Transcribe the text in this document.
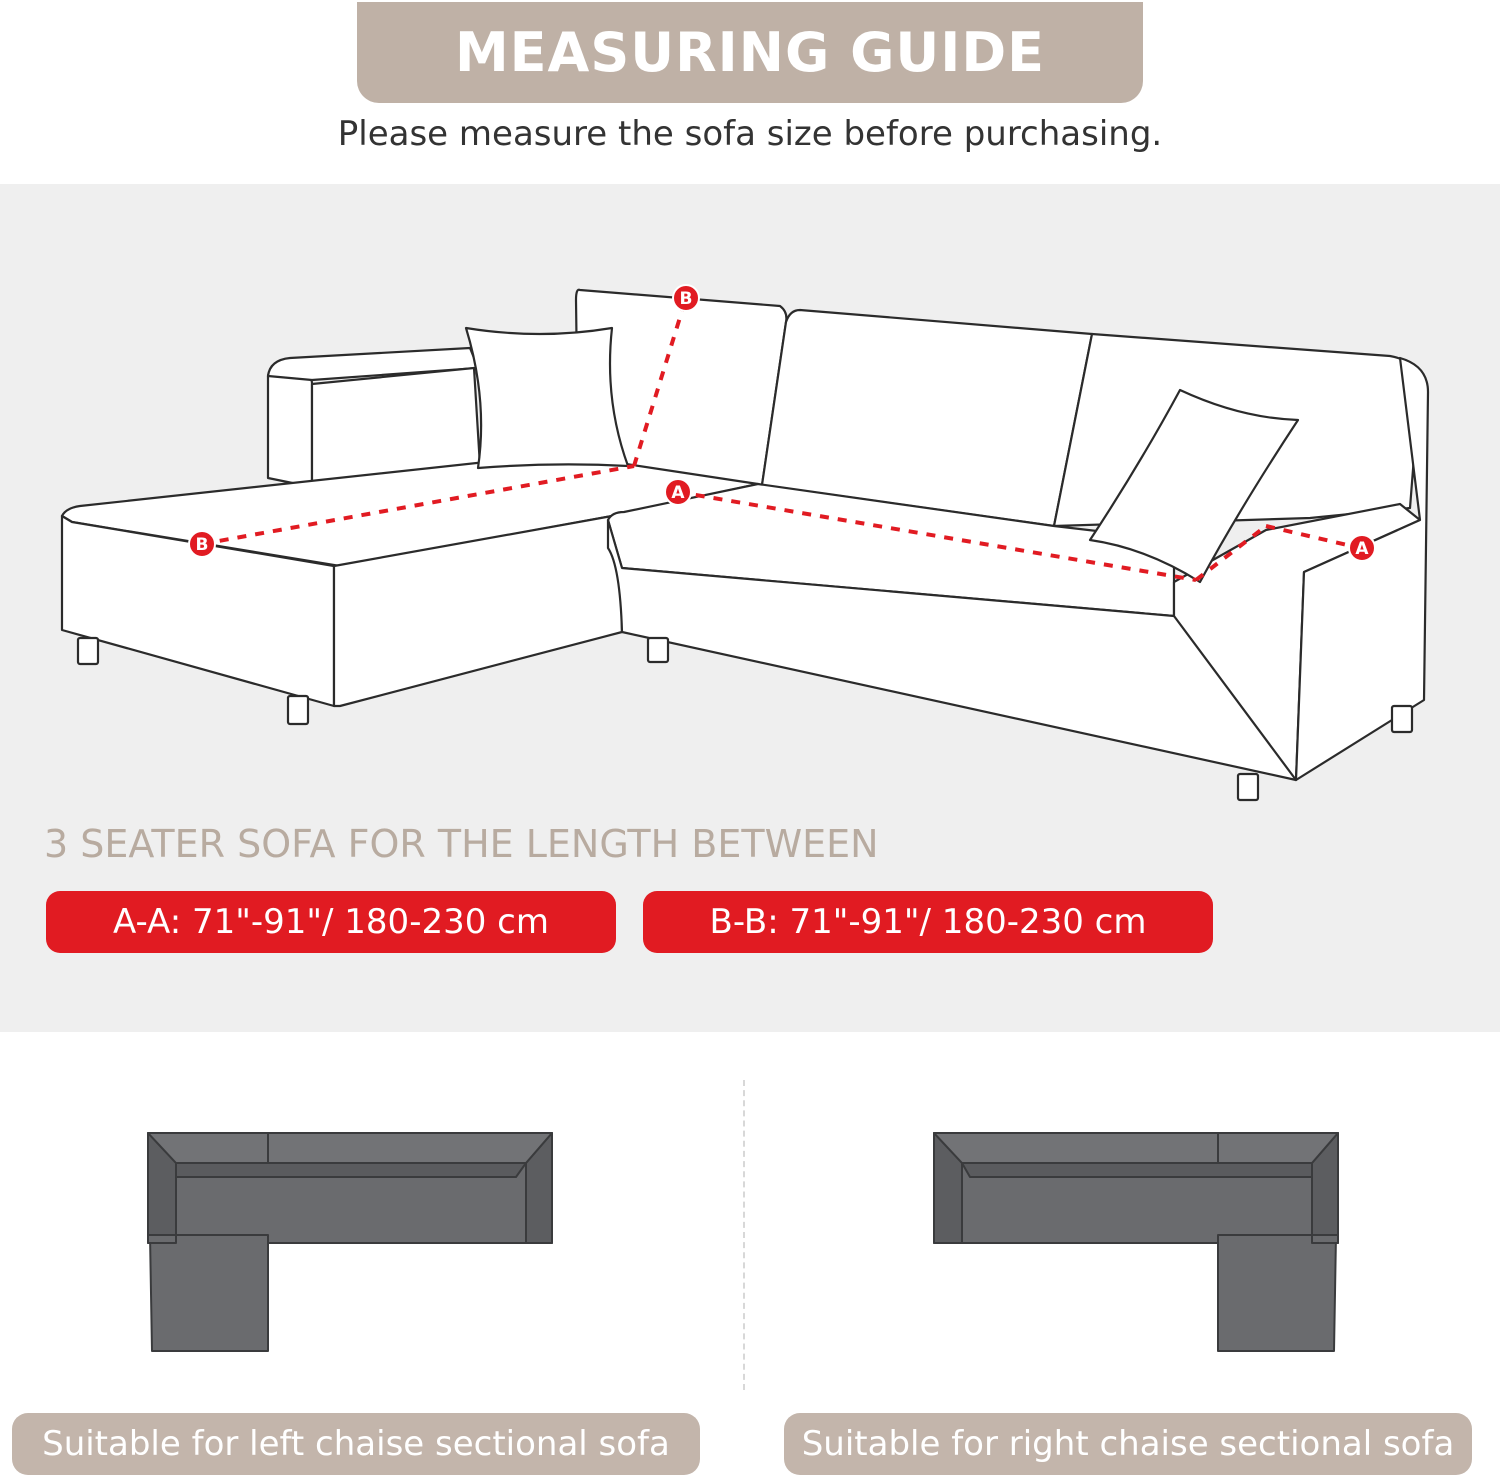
MEASURING GUIDE
Please measure the sofa size before purchasing.
B
B
A
A
3 SEATER SOFA FOR THE LENGTH BETWEEN
A-A: 71"-91"/ 180-230 cm	B-B: 71"-91"/ 180-230 cm
Suitable for left chaise sectional sofa	Suitable for right chaise sectional sofa
